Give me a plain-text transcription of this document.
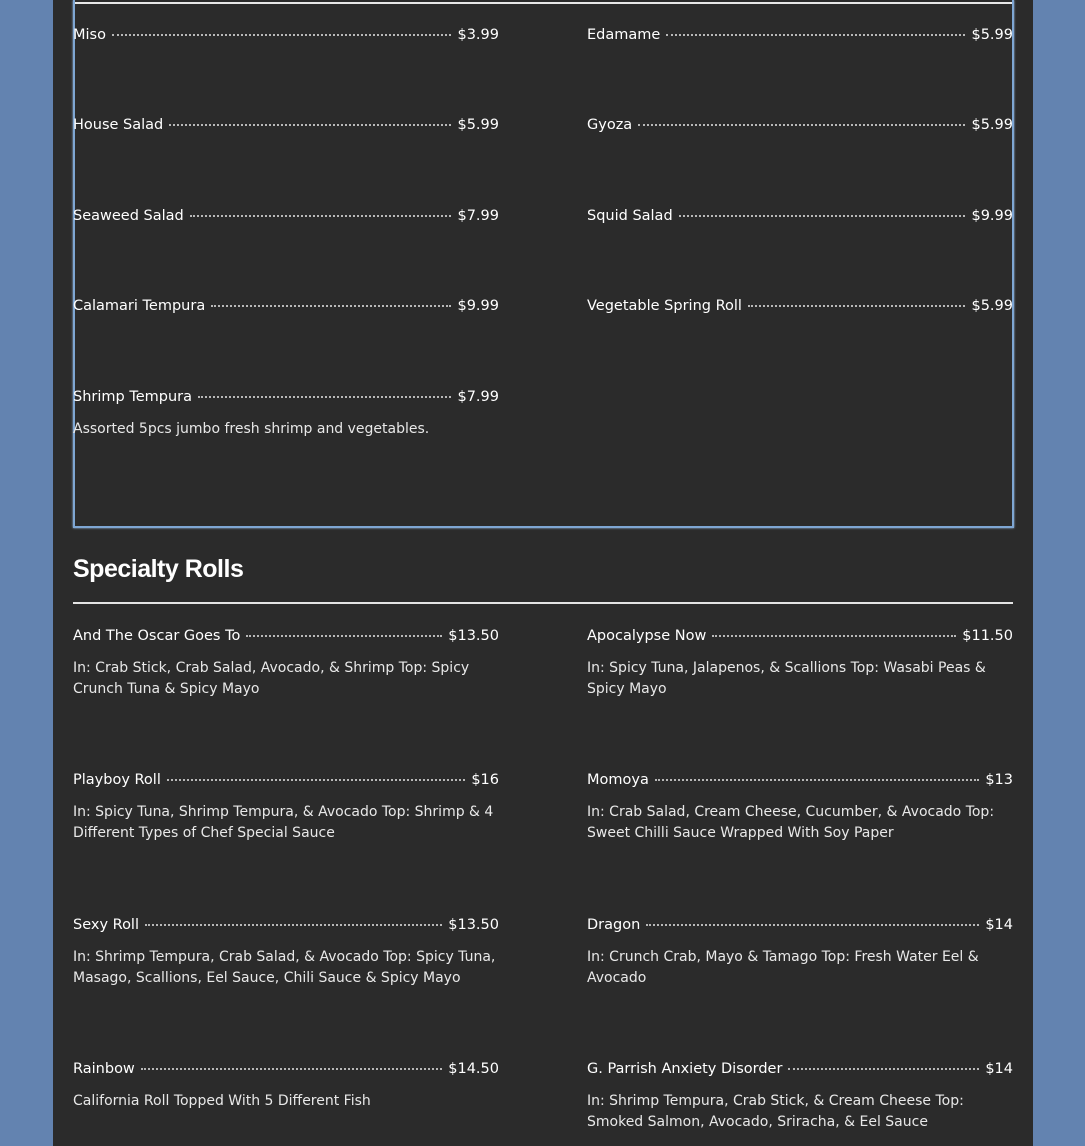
Miso	$3.99	Edamame	$5.99
House Salad	$5.99	Gyoza	$5.99
Seaweed Salad	$7.99	Squid Salad	$9.99
Calamari Tempura	$9.99	Vegetable Spring Roll	$5.99
Shrimp Tempura	$7.99
Assorted 5pcs jumbo fresh shrimp and vegetables.
Specialty Rolls
And The Oscar Goes To	$13.50
In: Crab Stick, Crab Salad, Avocado, & Shrimp Top: Spicy Crunch Tuna & Spicy Mayo
Apocalypse Now	$11.50
In: Spicy Tuna, Jalapenos, & Scallions Top: Wasabi Peas & Spicy Mayo
Playboy Roll	$16
In: Spicy Tuna, Shrimp Tempura, & Avocado Top: Shrimp & 4 Different Types of Chef Special Sauce
Momoya	$13
In: Crab Salad, Cream Cheese, Cucumber, & Avocado Top: Sweet Chilli Sauce Wrapped With Soy Paper
Sexy Roll	$13.50
In: Shrimp Tempura, Crab Salad, & Avocado Top: Spicy Tuna, Masago, Scallions, Eel Sauce, Chili Sauce & Spicy Mayo
Dragon	$14
In: Crunch Crab, Mayo & Tamago Top: Fresh Water Eel & Avocado
Rainbow	$14.50
California Roll Topped With 5 Different Fish
G. Parrish Anxiety Disorder	$14
In: Shrimp Tempura, Crab Stick, & Cream Cheese Top: Smoked Salmon, Avocado, Sriracha, & Eel Sauce
